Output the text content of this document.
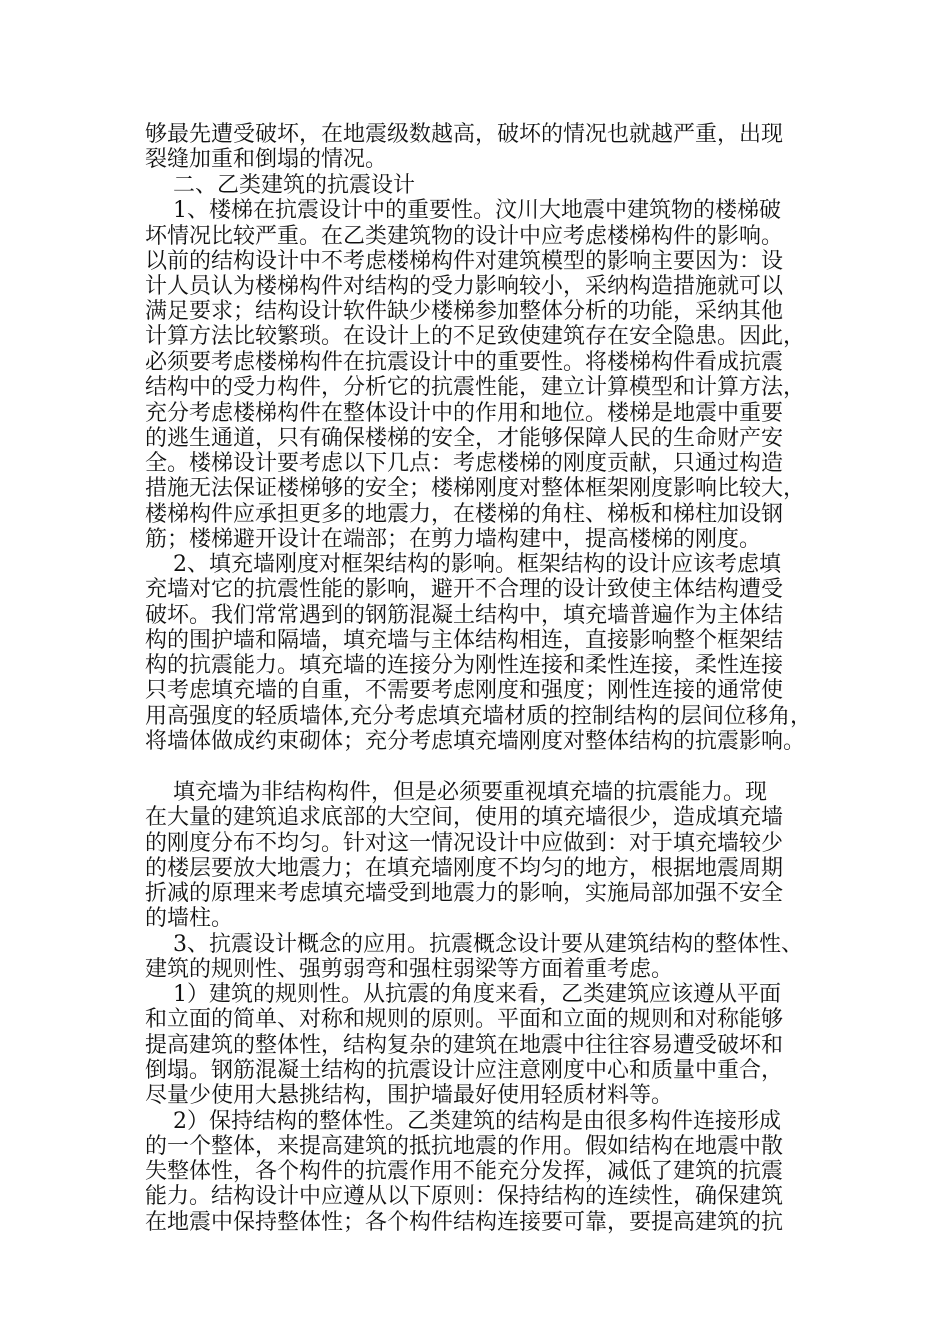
够最先遭受破坏，在地震级数越高，破坏的情况也就越严重，出现
裂缝加重和倒塌的情况。
二、乙类建筑的抗震设计
1、楼梯在抗震设计中的重要性。汶川大地震中建筑物的楼梯破
坏情况比较严重。在乙类建筑物的设计中应考虑楼梯构件的影响。
以前的结构设计中不考虑楼梯构件对建筑模型的影响主要因为：设
计人员认为楼梯构件对结构的受力影响较小，采纳构造措施就可以
满足要求；结构设计软件缺少楼梯参加整体分析的功能，采纳其他
计算方法比较繁琐。在设计上的不足致使建筑存在安全隐患。因此，
必须要考虑楼梯构件在抗震设计中的重要性。将楼梯构件看成抗震
结构中的受力构件，分析它的抗震性能，建立计算模型和计算方法，
充分考虑楼梯构件在整体设计中的作用和地位。楼梯是地震中重要
的逃生通道，只有确保楼梯的安全，才能够保障人民的生命财产安
全。楼梯设计要考虑以下几点：考虑楼梯的刚度贡献，只通过构造
措施无法保证楼梯够的安全；楼梯刚度对整体框架刚度影响比较大，
楼梯构件应承担更多的地震力，在楼梯的角柱、梯板和梯柱加设钢
筋；楼梯避开设计在端部；在剪力墙构建中，提高楼梯的刚度。
2、填充墙刚度对框架结构的影响。框架结构的设计应该考虑填
充墙对它的抗震性能的影响，避开不合理的设计致使主体结构遭受
破坏。我们常常遇到的钢筋混凝土结构中，填充墙普遍作为主体结
构的围护墙和隔墙，填充墙与主体结构相连，直接影响整个框架结
构的抗震能力。填充墙的连接分为刚性连接和柔性连接，柔性连接
只考虑填充墙的自重，不需要考虑刚度和强度；刚性连接的通常使
用高强度的轻质墙体,充分考虑填充墙材质的控制结构的层间位移角，
将墙体做成约束砌体；充分考虑填充墙刚度对整体结构的抗震影响。
填充墙为非结构构件，但是必须要重视填充墙的抗震能力。现
在大量的建筑追求底部的大空间，使用的填充墙很少，造成填充墙
的刚度分布不均匀。针对这一情况设计中应做到：对于填充墙较少
的楼层要放大地震力；在填充墙刚度不均匀的地方，根据地震周期
折减的原理来考虑填充墙受到地震力的影响，实施局部加强不安全
的墙柱。
3、抗震设计概念的应用。抗震概念设计要从建筑结构的整体性、
建筑的规则性、强剪弱弯和强柱弱梁等方面着重考虑。
1）建筑的规则性。从抗震的角度来看，乙类建筑应该遵从平面
和立面的简单、对称和规则的原则。平面和立面的规则和对称能够
提高建筑的整体性，结构复杂的建筑在地震中往往容易遭受破坏和
倒塌。钢筋混凝土结构的抗震设计应注意刚度中心和质量中重合，
尽量少使用大悬挑结构，围护墙最好使用轻质材料等。
2）保持结构的整体性。乙类建筑的结构是由很多构件连接形成
的一个整体，来提高建筑的抵抗地震的作用。假如结构在地震中散
失整体性，各个构件的抗震作用不能充分发挥，减低了建筑的抗震
能力。结构设计中应遵从以下原则：保持结构的连续性，确保建筑
在地震中保持整体性；各个构件结构连接要可靠，要提高建筑的抗
